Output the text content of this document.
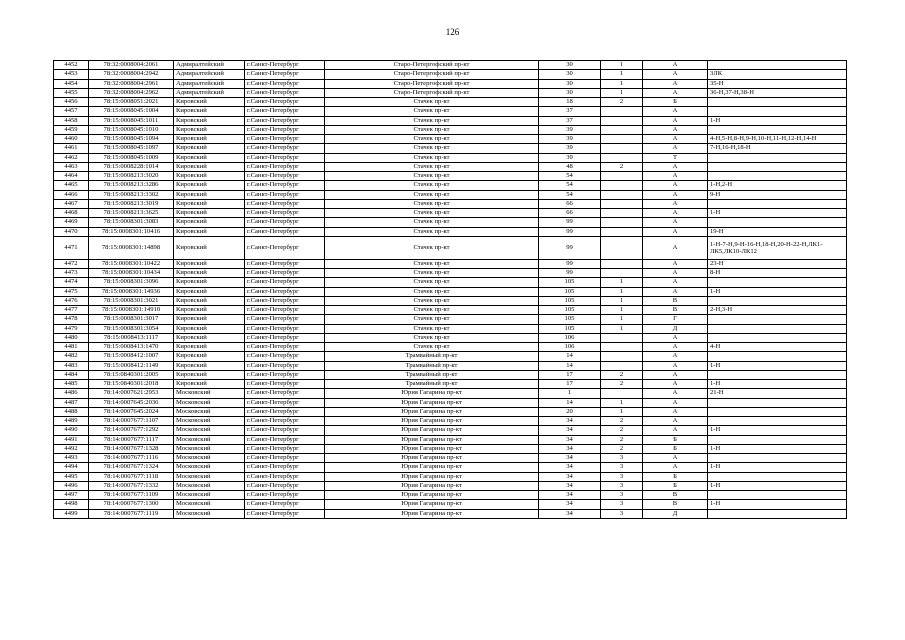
126
4452	78:32:0008004:2061	Адмиралтейский	г.Санкт-Петербург	Старо-Петергофский пр-кт	30	1	А	
4453	78:32:0008004:2942	Адмиралтейский	г.Санкт-Петербург	Старо-Петергофский пр-кт	30	1	А	3ЛК
4454	78:32:0008004:2961	Адмиралтейский	г.Санкт-Петербург	Старо-Петергофский пр-кт	30	1	А	35-Н
4455	78:32:0008004:2962	Адмиралтейский	г.Санкт-Петербург	Старо-Петергофский пр-кт	30	1	А	36-Н,37-Н,38-Н
4456	78:15:0008051:2021	Кировский	г.Санкт-Петербург	Стачек пр-кт	18	2	Б	
4457	78:15:0008045:1004	Кировский	г.Санкт-Петербург	Стачек пр-кт	37		А	
4458	78:15:0008045:1011	Кировский	г.Санкт-Петербург	Стачек пр-кт	37		А	1-Н
4459	78:15:0008045:1010	Кировский	г.Санкт-Петербург	Стачек пр-кт	39		А	
4460	78:15:0008045:1094	Кировский	г.Санкт-Петербург	Стачек пр-кт	39		А	4-Н,5-Н,8-Н,9-Н,10-Н,11-Н,12-Н,14-Н
4461	78:15:0008045:1097	Кировский	г.Санкт-Петербург	Стачек пр-кт	39		А	7-Н,16-Н,18-Н
4462	78:15:0008045:1009	Кировский	г.Санкт-Петербург	Стачек пр-кт	39		Т	
4463	78:15:0008228:1014	Кировский	г.Санкт-Петербург	Стачек пр-кт	48	2	А	
4464	78:15:0008213:3020	Кировский	г.Санкт-Петербург	Стачек пр-кт	54		А	
4465	78:15:0008213:3286	Кировский	г.Санкт-Петербург	Стачек пр-кт	54		А	1-Н,2-Н
4466	78:15:0008213:3302	Кировский	г.Санкт-Петербург	Стачек пр-кт	54		А	9-Н
4467	78:15:0008213:3019	Кировский	г.Санкт-Петербург	Стачек пр-кт	66		А	
4468	78:15:0008213:3625	Кировский	г.Санкт-Петербург	Стачек пр-кт	66		А	1-Н
4469	78:15:0008301:3083	Кировский	г.Санкт-Петербург	Стачек пр-кт	99		А	
4470	78:15:0008301:10416	Кировский	г.Санкт-Петербург	Стачек пр-кт	99		А	19-Н
4471	78:15:0008301:14898	Кировский	г.Санкт-Петербург	Стачек пр-кт	99		А	1-Н-7-Н,9-Н-16-Н,18-Н,20-Н-22-Н,ЛК1-ЛК5,ЛК10-ЛК12
4472	78:15:0008301:10422	Кировский	г.Санкт-Петербург	Стачек пр-кт	99		А	23-Н
4473	78:15:0008301:10434	Кировский	г.Санкт-Петербург	Стачек пр-кт	99		А	8-Н
4474	78:15:0008301:3096	Кировский	г.Санкт-Петербург	Стачек пр-кт	105	1	А	
4475	78:15:0008301:14936	Кировский	г.Санкт-Петербург	Стачек пр-кт	105	1	А	1-Н
4476	78:15:0008301:3021	Кировский	г.Санкт-Петербург	Стачек пр-кт	105	1	В	
4477	78:15:0008301:14910	Кировский	г.Санкт-Петербург	Стачек пр-кт	105	1	В	2-Н,3-Н
4478	78:15:0008301:3017	Кировский	г.Санкт-Петербург	Стачек пр-кт	105	1	Г	
4479	78:15:0008301:3054	Кировский	г.Санкт-Петербург	Стачек пр-кт	105	1	Д	
4480	78:15:0008413:1117	Кировский	г.Санкт-Петербург	Стачек пр-кт	106		А	
4481	78:15:0008413:1470	Кировский	г.Санкт-Петербург	Стачек пр-кт	106		А	4-Н
4482	78:15:0008412:1007	Кировский	г.Санкт-Петербург	Трамвайный пр-кт	14		А	
4483	78:15:0008412:1149	Кировский	г.Санкт-Петербург	Трамвайный пр-кт	14		А	1-Н
4484	78:15:0840301:2005	Кировский	г.Санкт-Петербург	Трамвайный пр-кт	17	2	А	
4485	78:15:0840301:2018	Кировский	г.Санкт-Петербург	Трамвайный пр-кт	17	2	А	1-Н
4486	78:14:0007621:2953	Московский	г.Санкт-Петербург	Юрия Гагарина пр-кт	1		А	21-Н
4487	78:14:0007645:2036	Московский	г.Санкт-Петербург	Юрия Гагарина пр-кт	14	1	А	
4488	78:14:0007645:2024	Московский	г.Санкт-Петербург	Юрия Гагарина пр-кт	20	1	А	
4489	78:14:0007677:1107	Московский	г.Санкт-Петербург	Юрия Гагарина пр-кт	34	2	А	
4490	78:14:0007677:1292	Московский	г.Санкт-Петербург	Юрия Гагарина пр-кт	34	2	А	1-Н
4491	78:14:0007677:1117	Московский	г.Санкт-Петербург	Юрия Гагарина пр-кт	34	2	Б	
4492	78:14:0007677:1328	Московский	г.Санкт-Петербург	Юрия Гагарина пр-кт	34	2	Б	1-Н
4493	78:14:0007677:1116	Московский	г.Санкт-Петербург	Юрия Гагарина пр-кт	34	3	А	
4494	78:14:0007677:1324	Московский	г.Санкт-Петербург	Юрия Гагарина пр-кт	34	3	А	1-Н
4495	78:14:0007677:1118	Московский	г.Санкт-Петербург	Юрия Гагарина пр-кт	34	3	Б	
4496	78:14:0007677:1332	Московский	г.Санкт-Петербург	Юрия Гагарина пр-кт	34	3	Б	1-Н
4497	78:14:0007677:1109	Московский	г.Санкт-Петербург	Юрия Гагарина пр-кт	34	3	В	
4498	78:14:0007677:1300	Московский	г.Санкт-Петербург	Юрия Гагарина пр-кт	34	3	В	1-Н
4499	78:14:0007677:1119	Московский	г.Санкт-Петербург	Юрия Гагарина пр-кт	34	3	Д	
